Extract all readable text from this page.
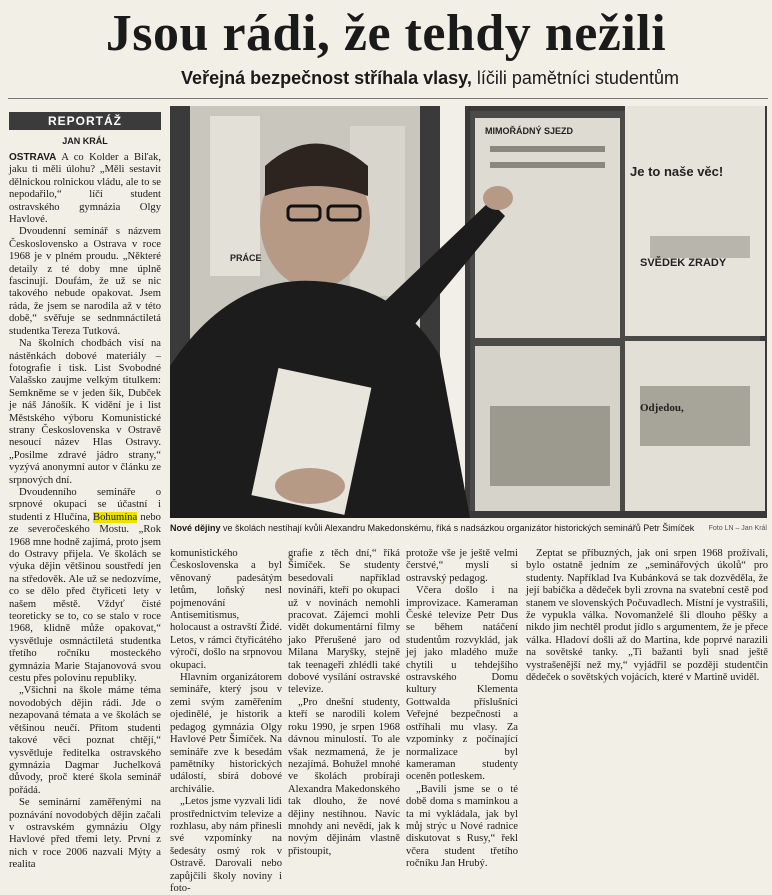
Jsou rádi, že tehdy nežili
Veřejná bezpečnost stříhala vlasy, líčili pamětníci studentům
REPORTÁŽ
JAN KRÁL

OSTRAVA A co Kolder a Biľak, jaku ti měli úlohu? „Měli sestavit dělnickou rolnickou vládu, ale to se nepodařilo,“ líčí student ostravského gymnázia Olgy Havlové.

Dvoudenní seminář s názvem Československo a Ostrava v roce 1968 je v plném proudu. „Některé detaily z té doby mne úplně fascinují. Doufám, že už se nic takového nebude opakovat. Jsem ráda, že jsem se narodila až v této době,“ svěřuje se sednmnáctiletá studentka Tereza Tutková.

Na školních chodbách visí na nástěnkách dobové materiály – fotografie i tisk. List Svobodné Valašsko zaujme velkým titulkem: Semkněme se v jeden šik, Dubček je náš Jánošík. K vidění je i list Městského výboru Komunistické strany Československa v Ostravě nesoucí název Hlas Ostravy. „Posilme zdravé jádro strany,“ vyzývá anonymní autor v článku ze srpnových dní.

Dvoudenního semináře o srpnové okupaci se účastní i studenti z Hlučína, Bohumína nebo ze severočeského Mostu. „Rok 1968 mne hodně zajímá, proto jsem do Ostravy přijela. Ve školách se výuka dějin většinou soustředí jen na středověk. Ale už se nedozvíme, co se dělo před čtyřiceti lety v našem městě. Vždyť čisté teoreticky se to, co se stalo v roce 1968, klidně může opakovat,“ vysvětluje osmnáctiletá studentka třetího ročníku mosteckého gymnázia Marie Stajanovová svou cestu přes polovinu republiky.

„Všichni na škole máme téma novodobých dějin rádi. Jde o nezapovaná témata a ve školách se většinou neučí. Přitom studenti takové věci poznat chtějí,“ vysvětluje ředitelka ostravského gymnázia Dagmar Juchelková důvody, proč které škola seminář pořádá.

Se seminární zaměřenými na poznávání novodobých dějin začali v ostravském gymnáziu Olgy Havlové před třemi lety. První z nich v roce 2006 nazvali Mýty a realita

MIMOŘÁDNÝ SJEZD
Je to naše věc!
SVĚDEK ZRADY
Odjedou,
PRÁCE
Nové dějiny ve školách nestíhají kvůli Alexandru Makedonskému, říká s nadsázkou organizátor historických seminářů Petr Šimíček Foto LN – Jan Král

komunistického Československa a byl věnovaný padesátým letům, loňský nesl pojmenování Antisemitismus, holocaust a ostravští Židé. Letos, v rámci čtyřicátého výročí, došlo na srpnovou okupaci.

Hlavním organizátorem semináře, který jsou v zemi svým zaměřením ojedinělé, je historik a pedagog gymnázia Olgy Havlové Petr Šimíček. Na semináře zve k besedám pamětníky historických událostí, sbírá dobové archiválie.

„Letos jsme vyzvali lidi prostřednictvím televize a rozhlasu, aby nám přinesli své vzpomínky na šedesáty osmý rok v Ostravě. Darovali nebo zapůjčili školy noviny i foto-

grafie z těch dní,“ říká Šimíček. Se studenty besedovali například novináři, kteří po okupaci už v novinách nemohli pracovat. Zájemci mohli vidět dokumentární filmy jako Přerušené jaro od Milana Maryšky, stejně tak teenageři zhlédli také dobové vysílání ostravské televize.

„Pro dnešní studenty, kteří se narodili kolem roku 1990, je srpen 1968 dávnou minulostí. To ale však nezmamená, že je nezajímá. Bohužel mnohé ve školách probíraji Alexandra Makedonského tak dlouho, že nové dějiny nestihnou. Navíc mnohdy ani nevědí, jak k novým dějinám vlastně přistoupit,

protože vše je ještě velmi čerstvé,“ myslí si ostravský pedagog.

Včera došlo i na improvizace. Kameraman České televize Petr Dus se během natáčení studentům rozvyklád, jak jej jako mladého muže chytili u tehdejšího ostravského Domu kultury Klementa Gottwalda příslušníci Veřejné bezpečnosti a ostříhali mu vlasy. Za vzpomínky z počínající normalizace byl kameraman studenty oceněn potleskem.

„Bavili jsme se o té době doma s maminkou a ta mi vykládala, jak byl můj strýc u Nové radnice diskutovat s Rusy,“ řekl včera student třetího ročníku Jan Hrubý.

Zeptat se příbuzných, jak oni srpen 1968 prožívali, bylo ostatně jedním ze „seminářových úkolů“ pro studenty. Například Iva Kubánková se tak dozvěděla, že její babička a dědeček byli zrovna na svatební cestě pod stanem ve slovenských Počuvadlech. Místní je vystrašili, že vypukla válka. Novomanželé šli dlouho pěšky a nikdo jim nechtěl produt jídlo s argumentem, že je přece válka. Hladoví došli až do Martina, kde poprvé narazili na sovětské tanky. „Ti bažanti byli snad ještě vystrašenější než my,“ vyjádřil se později studentčin dědeček o sovětských vojácích, které v Martině uviděl.
